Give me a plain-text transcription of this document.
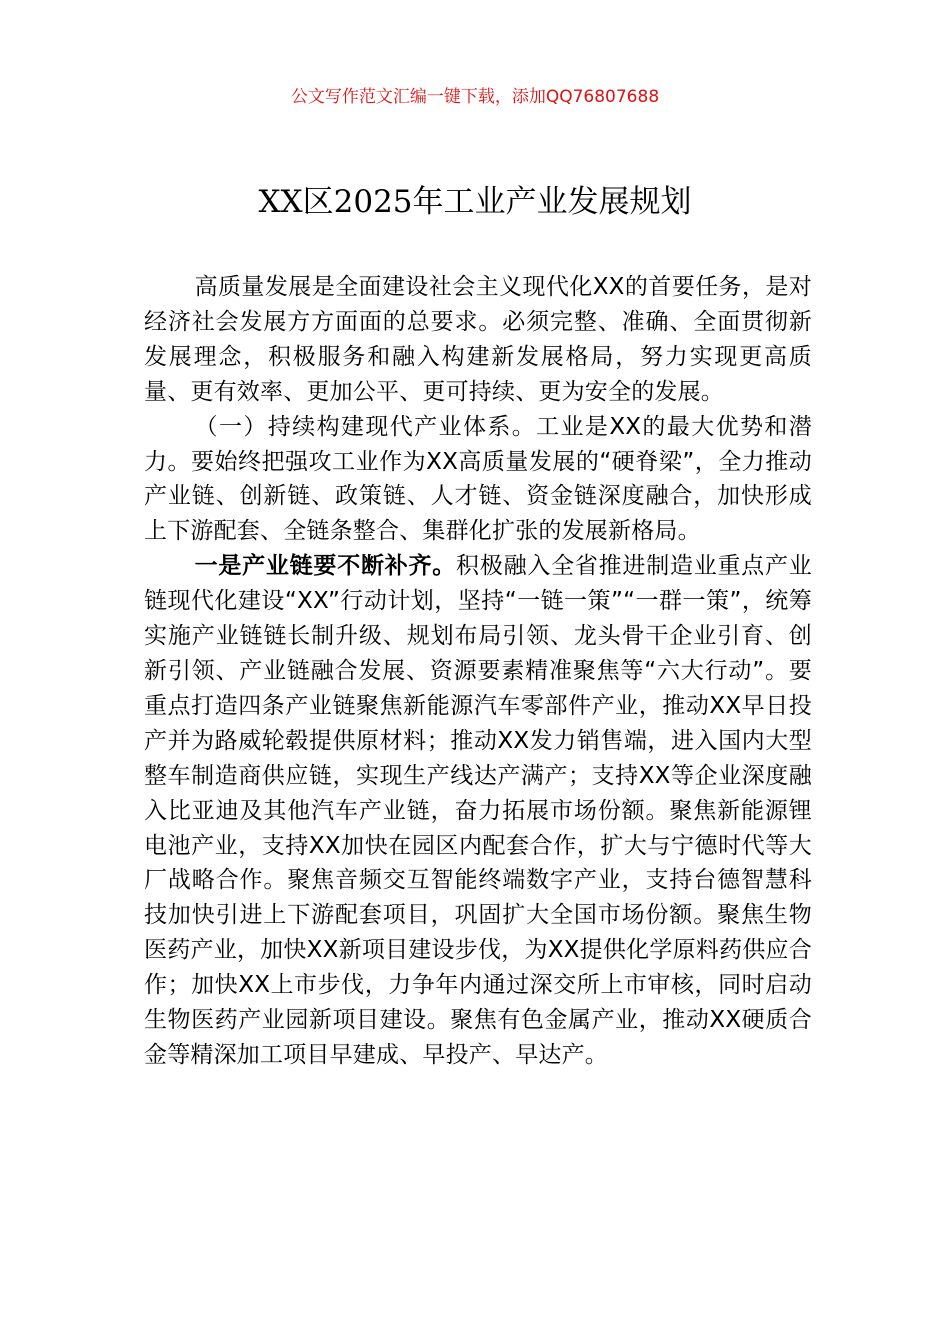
公文写作范文汇编一键下载，添加QQ76807688
XX区2025年工业产业发展规划

高质量发展是全面建设社会主义现代化XX的首要任务，是对经济社会发展方方面面的总要求。必须完整、准确、全面贯彻新发展理念，积极服务和融入构建新发展格局，努力实现更高质量、更有效率、更加公平、更可持续、更为安全的发展。

（一）持续构建现代产业体系。工业是XX的最大优势和潜力。要始终把强攻工业作为XX高质量发展的“硬脊梁”，全力推动产业链、创新链、政策链、人才链、资金链深度融合，加快形成上下游配套、全链条整合、集群化扩张的发展新格局。

一是产业链要不断补齐。积极融入全省推进制造业重点产业链现代化建设“XX”行动计划，坚持“一链一策”“一群一策”，统筹实施产业链链长制升级、规划布局引领、龙头骨干企业引育、创新引领、产业链融合发展、资源要素精准聚焦等“六大行动”。要重点打造四条产业链聚焦新能源汽车零部件产业，推动XX早日投产并为路威轮毂提供原材料；推动XX发力销售端，进入国内大型整车制造商供应链，实现生产线达产满产；支持XX等企业深度融入比亚迪及其他汽车产业链，奋力拓展市场份额。聚焦新能源锂电池产业，支持XX加快在园区内配套合作，扩大与宁德时代等大厂战略合作。聚焦音频交互智能终端数字产业，支持台德智慧科技加快引进上下游配套项目，巩固扩大全国市场份额。聚焦生物医药产业，加快XX新项目建设步伐，为XX提供化学原料药供应合作；加快XX上市步伐，力争年内通过深交所上市审核，同时启动生物医药产业园新项目建设。聚焦有色金属产业，推动XX硬质合金等精深加工项目早建成、早投产、早达产。
